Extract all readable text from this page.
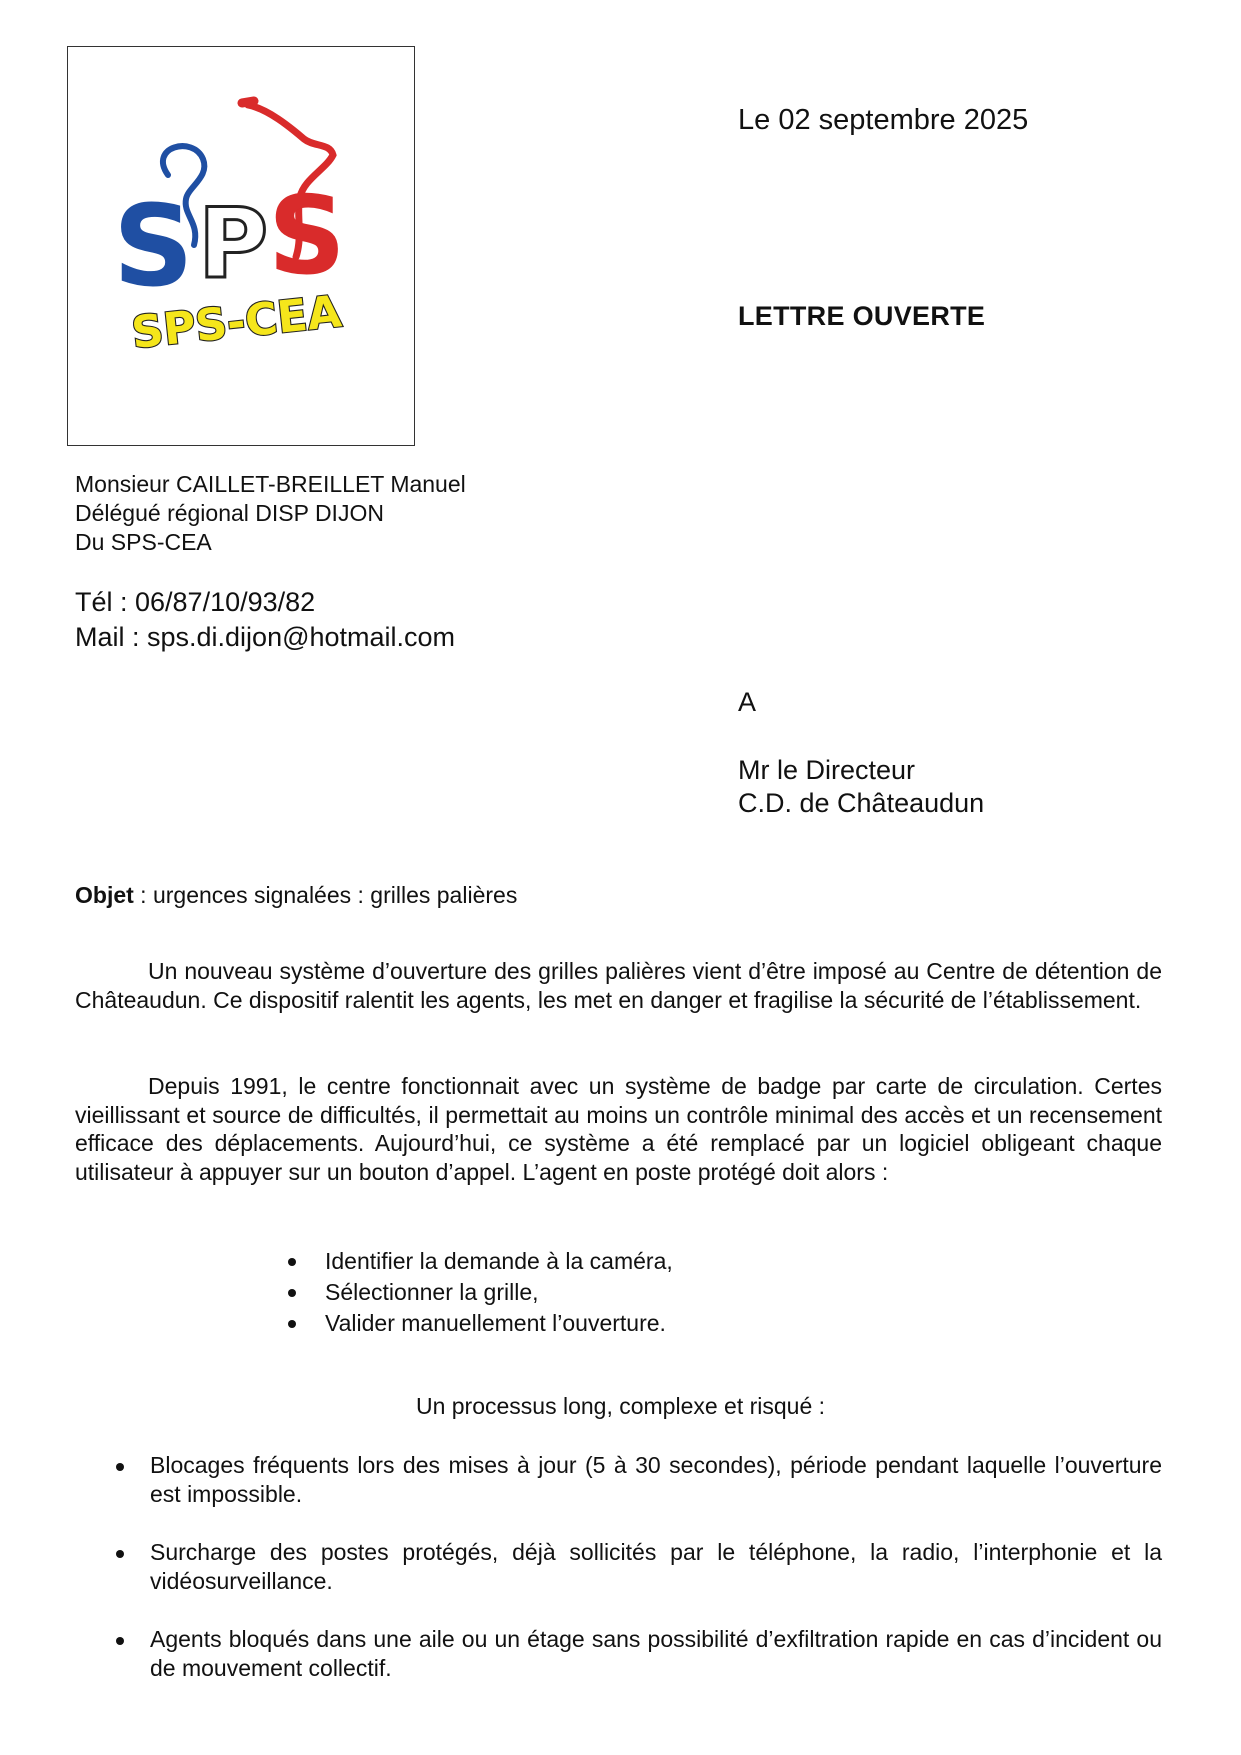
S P S
SPS-CEA
Le 02 septembre 2025
LETTRE OUVERTE
Monsieur CAILLET-BREILLET Manuel
Délégué régional DISP DIJON
Du SPS-CEA
Tél : 06/87/10/93/82
Mail : sps.di.dijon@hotmail.com
A
Mr le Directeur
C.D. de Châteaudun
Objet : urgences signalées : grilles palières

Un nouveau système d’ouverture des grilles palières vient d’être imposé au Centre de détention de Châteaudun. Ce dispositif ralentit les agents, les met en danger et fragilise la sécurité de l’établissement.

Depuis 1991, le centre fonctionnait avec un système de badge par carte de circulation. Certes vieillissant et source de difficultés, il permettait au moins un contrôle minimal des accès et un recensement efficace des déplacements. Aujourd’hui, ce système a été remplacé par un logiciel obligeant chaque utilisateur à appuyer sur un bouton d’appel. L’agent en poste protégé doit alors :

Identifier la demande à la caméra,
Sélectionner la grille,
Valider manuellement l’ouverture.
Un processus long, complexe et risqué :
Blocages fréquents lors des mises à jour (5 à 30 secondes), période pendant laquelle l’ouverture est impossible.
Surcharge des postes protégés, déjà sollicités par le téléphone, la radio, l’interphonie et la vidéosurveillance.
Agents bloqués dans une aile ou un étage sans possibilité d’exfiltration rapide en cas d’incident ou de mouvement collectif.
